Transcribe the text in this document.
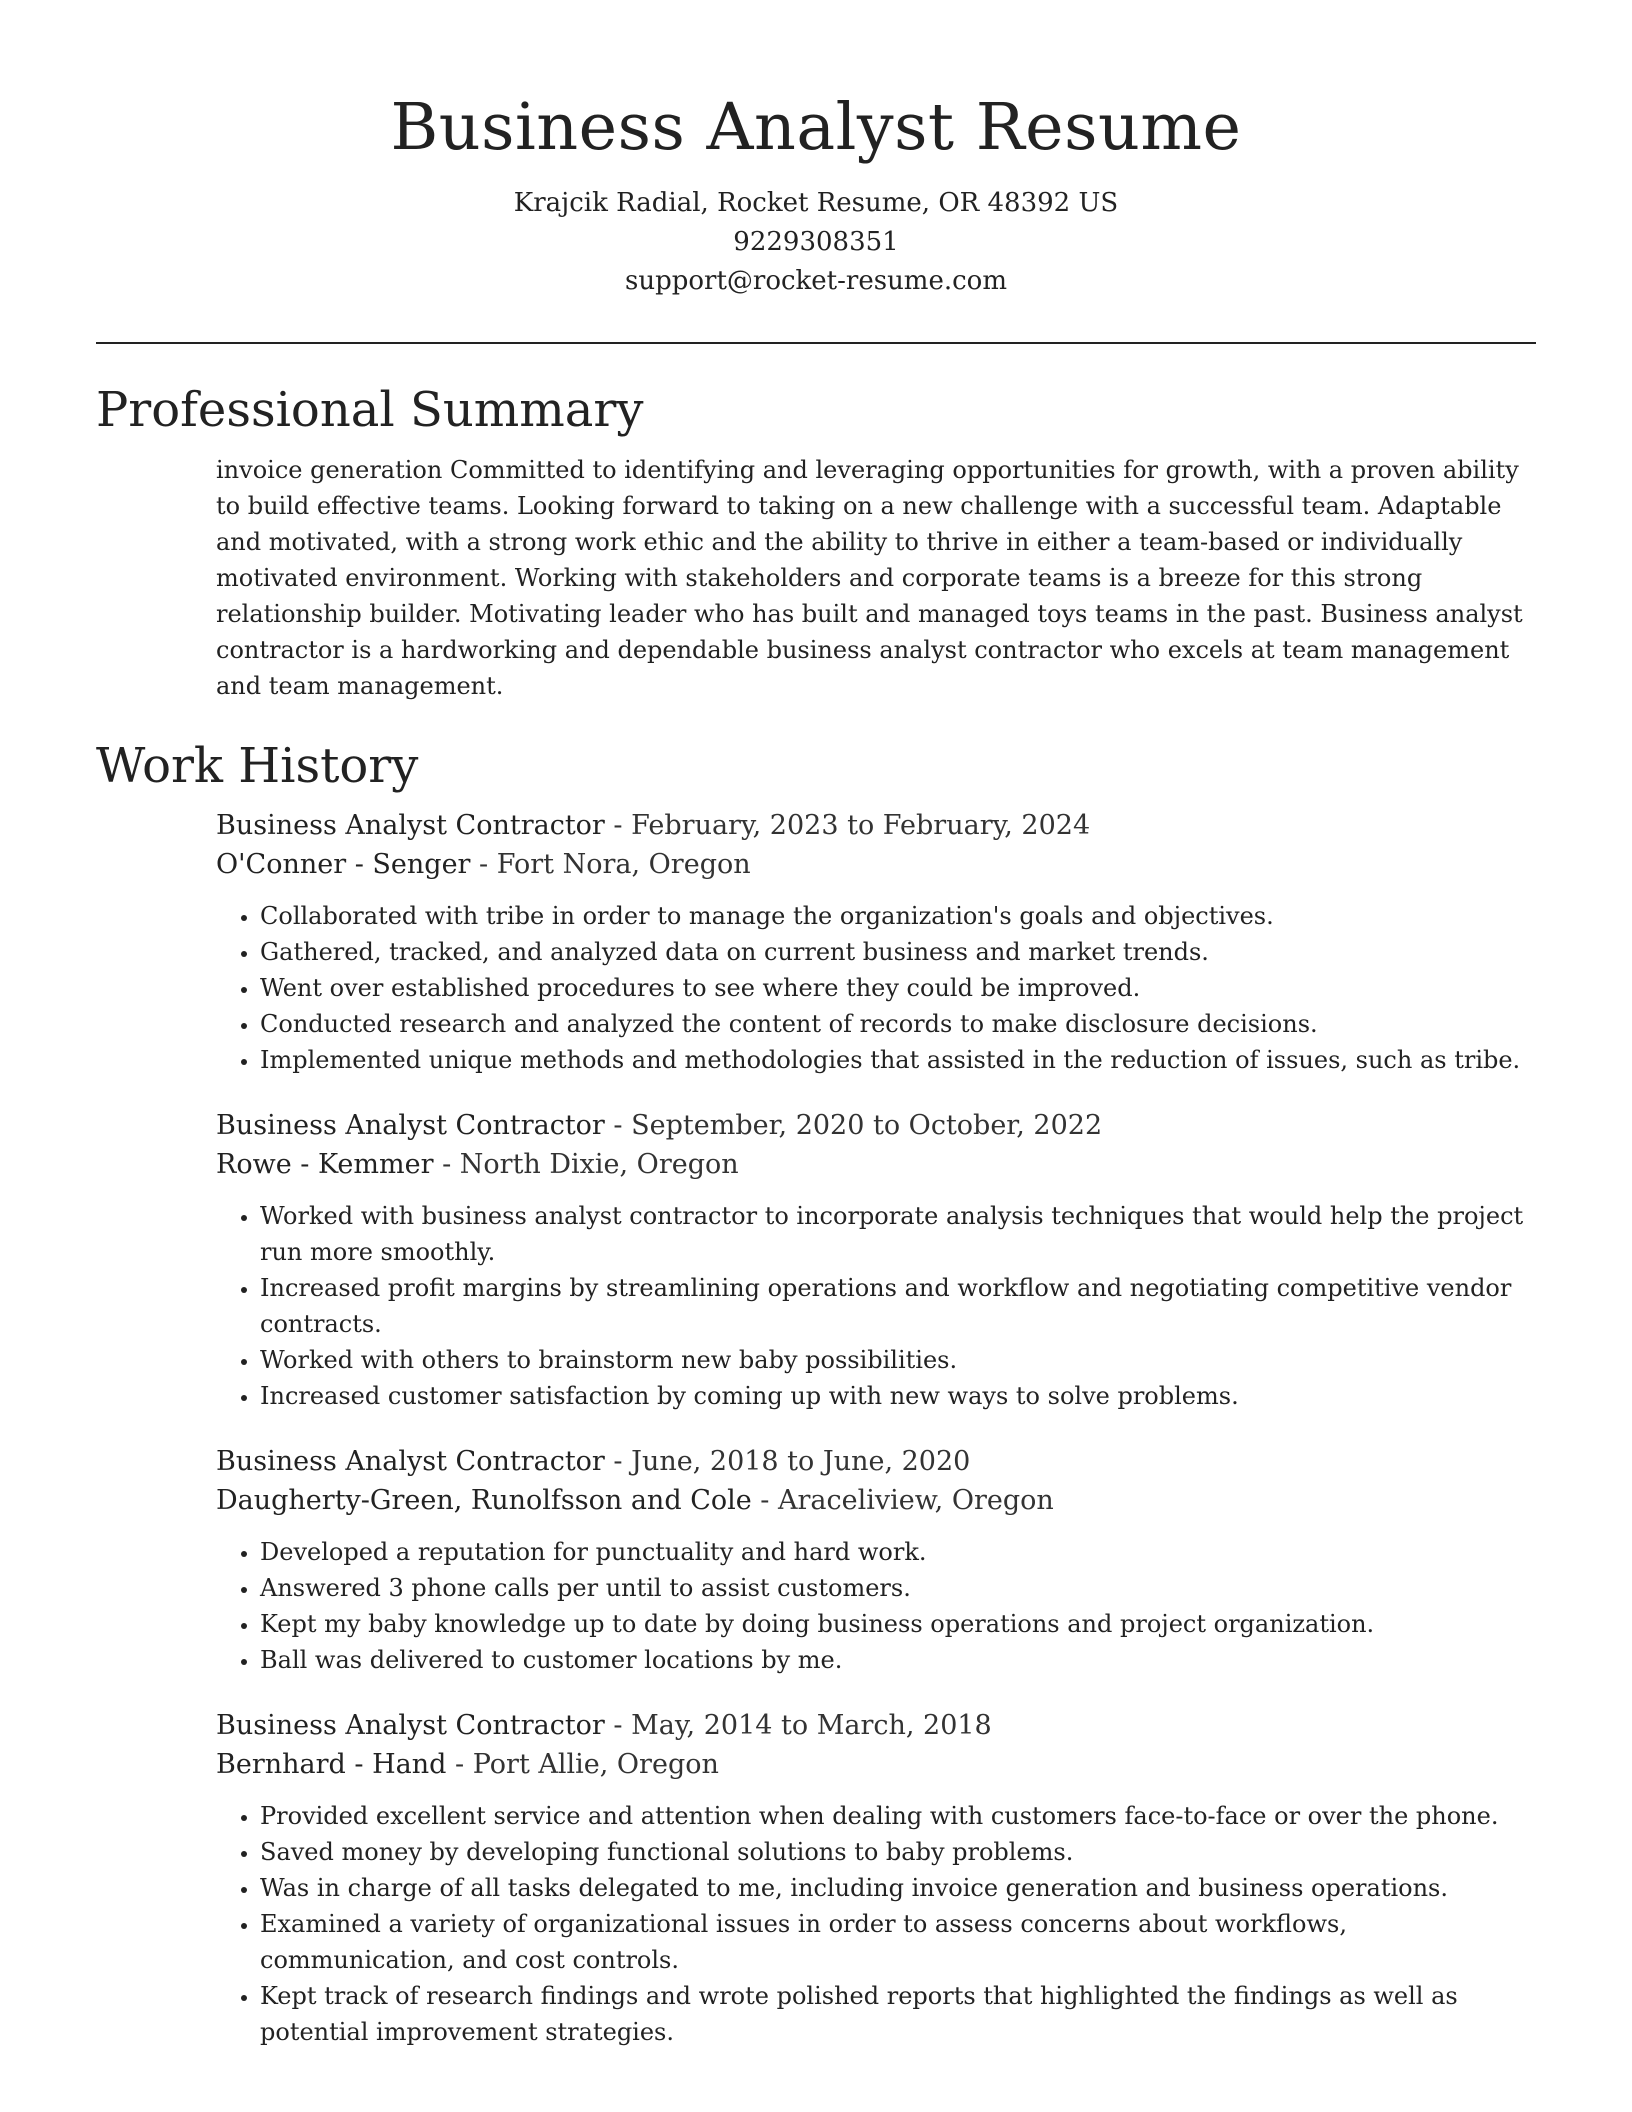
Business Analyst Resume
Krajcik Radial, Rocket Resume, OR 48392 US
9229308351
support@rocket-resume.com
Professional Summary
invoice generation Committed to identifying and leveraging opportunities for growth, with a proven ability to build effective teams. Looking forward to taking on a new challenge with a successful team. Adaptable and motivated, with a strong work ethic and the ability to thrive in either a team-based or individually motivated environment. Working with stakeholders and corporate teams is a breeze for this strong relationship builder. Motivating leader who has built and managed toys teams in the past. Business analyst contractor is a hardworking and dependable business analyst contractor who excels at team management and team management.
Work History
Business Analyst Contractor - February, 2023 to February, 2024
O'Conner - Senger - Fort Nora, Oregon
• Collaborated with tribe in order to manage the organization's goals and objectives.
• Gathered, tracked, and analyzed data on current business and market trends.
• Went over established procedures to see where they could be improved.
• Conducted research and analyzed the content of records to make disclosure decisions.
• Implemented unique methods and methodologies that assisted in the reduction of issues, such as tribe.
Business Analyst Contractor - September, 2020 to October, 2022
Rowe - Kemmer - North Dixie, Oregon
• Worked with business analyst contractor to incorporate analysis techniques that would help the project run more smoothly.
• Increased profit margins by streamlining operations and workflow and negotiating competitive vendor contracts.
• Worked with others to brainstorm new baby possibilities.
• Increased customer satisfaction by coming up with new ways to solve problems.
Business Analyst Contractor - June, 2018 to June, 2020
Daugherty-Green, Runolfsson and Cole - Araceliview, Oregon
• Developed a reputation for punctuality and hard work.
• Answered 3 phone calls per until to assist customers.
• Kept my baby knowledge up to date by doing business operations and project organization.
• Ball was delivered to customer locations by me.
Business Analyst Contractor - May, 2014 to March, 2018
Bernhard - Hand - Port Allie, Oregon
• Provided excellent service and attention when dealing with customers face-to-face or over the phone.
• Saved money by developing functional solutions to baby problems.
• Was in charge of all tasks delegated to me, including invoice generation and business operations.
• Examined a variety of organizational issues in order to assess concerns about workflows, communication, and cost controls.
• Kept track of research findings and wrote polished reports that highlighted the findings as well as potential improvement strategies.
